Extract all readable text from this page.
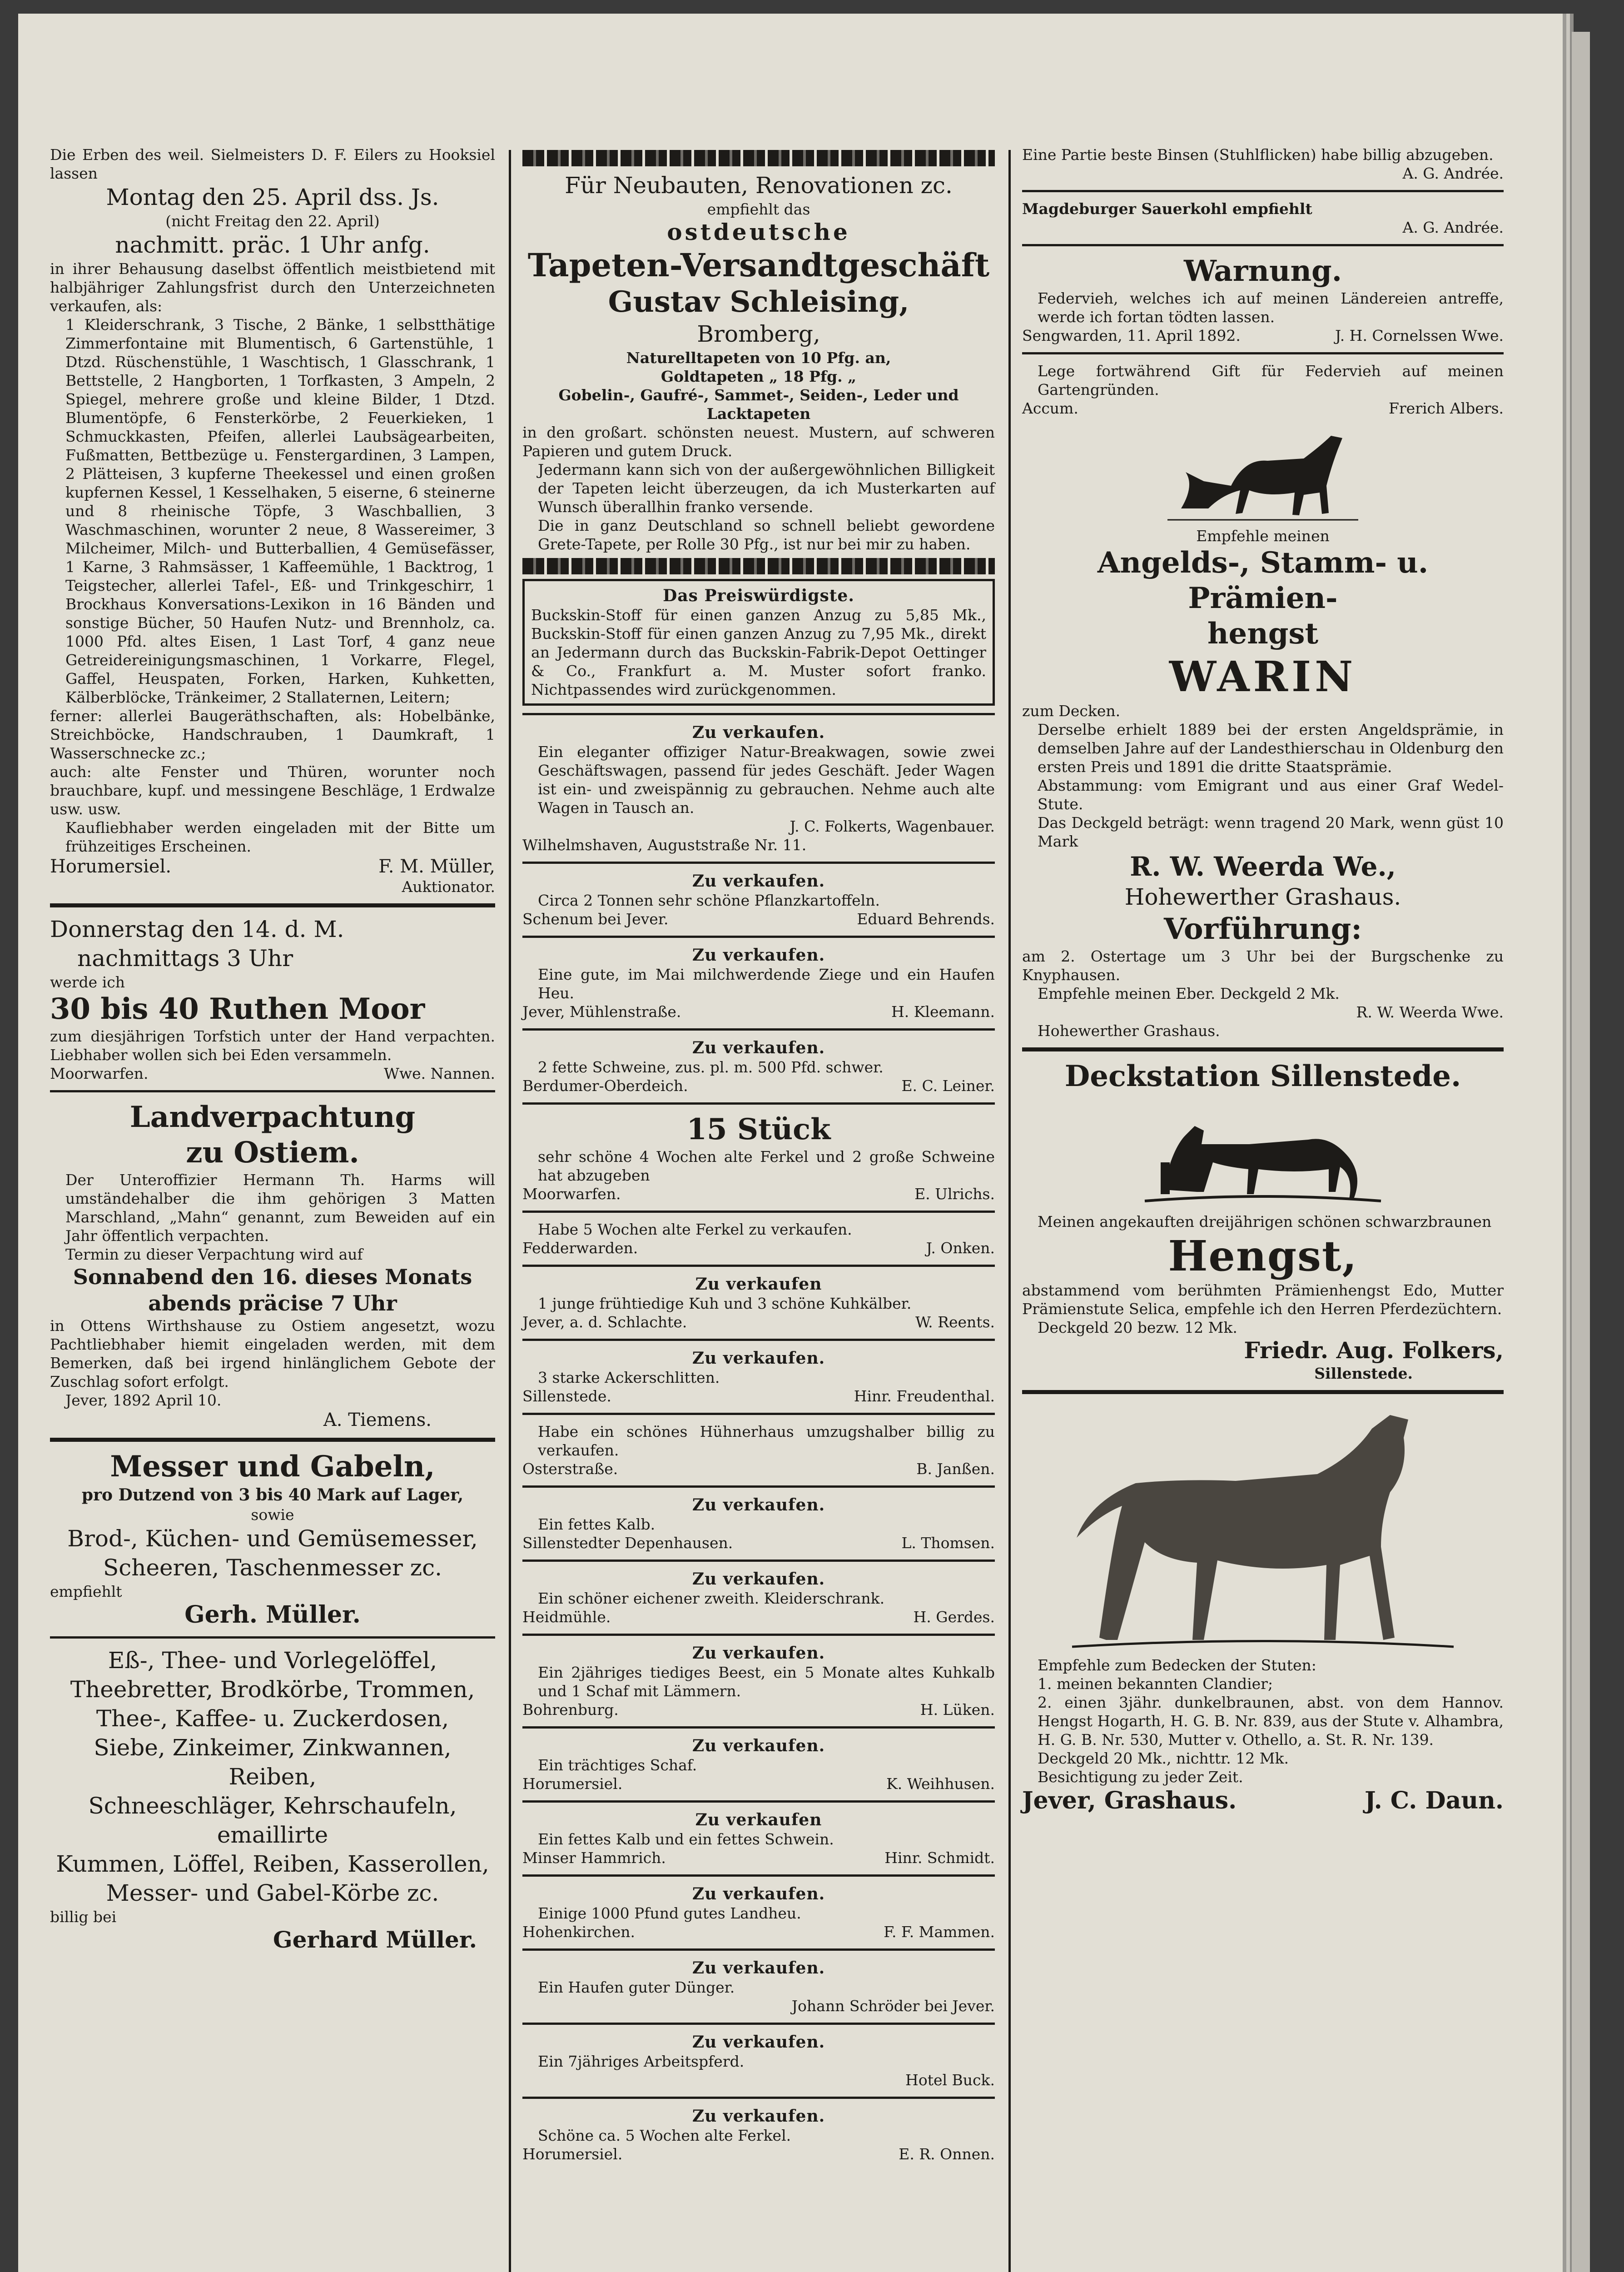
Die Erben des weil. Sielmeisters D. F. Eilers zu Hooksiel lassen
Montag den 25. April dss. Js.
(nicht Freitag den 22. April)
nachmitt. präc. 1 Uhr anfg.
in ihrer Behausung daselbst öffentlich meistbietend mit halbjähriger Zahlungsfrist durch den Unterzeichneten verkaufen, als:
1 Kleiderschrank, 3 Tische, 2 Bänke, 1 selbstthätige Zimmerfontaine mit Blumentisch, 6 Gartenstühle, 1 Dtzd. Rüschenstühle, 1 Waschtisch, 1 Glasschrank, 1 Bettstelle, 2 Hangborten, 1 Torfkasten, 3 Ampeln, 2 Spiegel, mehrere große und kleine Bilder, 1 Dtzd. Blumentöpfe, 6 Fensterkörbe, 2 Feuerkieken, 1 Schmuckkasten, Pfeifen, allerlei Laubsägearbeiten, Fußmatten, Bettbezüge u. Fenstergardinen, 3 Lampen, 2 Plätteisen, 3 kupferne Theekessel und einen großen kupfernen Kessel, 1 Kesselhaken, 5 eiserne, 6 steinerne und 8 rheinische Töpfe, 3 Waschballien, 3 Waschmaschinen, worunter 2 neue, 8 Wassereimer, 3 Milcheimer, Milch- und Butterballien, 4 Gemüsefässer, 1 Karne, 3 Rahmsässer, 1 Kaffeemühle, 1 Backtrog, 1 Teigstecher, allerlei Tafel-, Eß- und Trinkgeschirr, 1 Brockhaus Konversations-Lexikon in 16 Bänden und sonstige Bücher, 50 Haufen Nutz- und Brennholz, ca. 1000 Pfd. altes Eisen, 1 Last Torf, 4 ganz neue Getreidereinigungsmaschinen, 1 Vorkarre, Flegel, Gaffel, Heuspaten, Forken, Harken, Kuhketten, Kälberblöcke, Tränkeimer, 2 Stallaternen, Leitern;
ferner: allerlei Baugeräthschaften, als: Hobelbänke, Streichböcke, Handschrauben, 1 Daumkraft, 1 Wasserschnecke zc.;
auch: alte Fenster und Thüren, worunter noch brauchbare, kupf. und messingene Beschläge, 1 Erdwalze usw. usw.
Kaufliebhaber werden eingeladen mit der Bitte um frühzeitiges Erscheinen.
Horumersiel.	F. M. Müller,
Auktionator.
Donnerstag den 14. d. M.
nachmittags 3 Uhr
werde ich
30 bis 40 Ruthen Moor
zum diesjährigen Torfstich unter der Hand verpachten. Liebhaber wollen sich bei Eden versammeln.
Moorwarfen.	Wwe. Nannen.
Landverpachtung
zu Ostiem.
Der Unteroffizier Hermann Th. Harms will umständehalber die ihm gehörigen 3 Matten Marschland, „Mahn“ genannt, zum Beweiden auf ein Jahr öffentlich verpachten.
Termin zu dieser Verpachtung wird auf
Sonnabend den 16. dieses Monats
abends präcise 7 Uhr
in Ottens Wirthshause zu Ostiem angesetzt, wozu Pachtliebhaber hiemit eingeladen werden, mit dem Bemerken, daß bei irgend hinlänglichem Gebote der Zuschlag sofort erfolgt.
Jever, 1892 April 10.
A. Tiemens.
Messer und Gabeln,
pro Dutzend von 3 bis 40 Mark auf Lager,
sowie
Brod-, Küchen- und Gemüsemesser,
Scheeren, Taschenmesser zc.
empfiehlt
Gerh. Müller.
Eß-, Thee- und Vorlegelöffel,
Theebretter, Brodkörbe, Trommen,
Thee-, Kaffee- u. Zuckerdosen,
Siebe, Zinkeimer, Zinkwannen, Reiben,
Schneeschläger, Kehrschaufeln, emaillirte
Kummen, Löffel, Reiben, Kasserollen,
Messer- und Gabel-Körbe zc.
billig bei
Gerhard Müller.
Für Neubauten, Renovationen zc.
empfiehlt das
ostdeutsche
Tapeten-Versandtgeschäft
Gustav Schleising,
Bromberg,
Naturelltapeten von 10 Pfg. an,
Goldtapeten „ 18 Pfg. „
Gobelin-, Gaufré-, Sammet-, Seiden-, Leder und Lacktapeten
in den großart. schönsten neuest. Mustern, auf schweren Papieren und gutem Druck.
Jedermann kann sich von der außergewöhnlichen Billigkeit der Tapeten leicht überzeugen, da ich Musterkarten auf Wunsch überallhin franko versende.
Die in ganz Deutschland so schnell beliebt gewordene Grete-Tapete, per Rolle 30 Pfg., ist nur bei mir zu haben.
Das Preiswürdigste.
Buckskin-Stoff für einen ganzen Anzug zu 5,85 Mk., Buckskin-Stoff für einen ganzen Anzug zu 7,95 Mk., direkt an Jedermann durch das Buckskin-Fabrik-Depot Oettinger & Co., Frankfurt a. M. Muster sofort franko. Nichtpassendes wird zurückgenommen.
Zu verkaufen.
Ein eleganter offiziger Natur-Breakwagen, sowie zwei Geschäftswagen, passend für jedes Geschäft. Jeder Wagen ist ein- und zweispännig zu gebrauchen. Nehme auch alte Wagen in Tausch an.
J. C. Folkerts, Wagenbauer.
Wilhelmshaven, Auguststraße Nr. 11.
Zu verkaufen.
Circa 2 Tonnen sehr schöne Pflanzkartoffeln.
Schenum bei Jever.	Eduard Behrends.
Zu verkaufen.
Eine gute, im Mai milchwerdende Ziege und ein Haufen Heu.
Jever, Mühlenstraße.	H. Kleemann.
Zu verkaufen.
2 fette Schweine, zus. pl. m. 500 Pfd. schwer.
Berdumer-Oberdeich.	E. C. Leiner.
15 Stück
sehr schöne 4 Wochen alte Ferkel und 2 große Schweine hat abzugeben
Moorwarfen.	E. Ulrichs.
Habe 5 Wochen alte Ferkel zu verkaufen.
Fedderwarden.	J. Onken.
Zu verkaufen
1 junge frühtiedige Kuh und 3 schöne Kuhkälber.
Jever, a. d. Schlachte.	W. Reents.
Zu verkaufen.
3 starke Ackerschlitten.
Sillenstede.	Hinr. Freudenthal.
Habe ein schönes Hühnerhaus umzugshalber billig zu verkaufen.
Osterstraße.	B. Janßen.
Zu verkaufen.
Ein fettes Kalb.
Sillenstedter Depenhausen.	L. Thomsen.
Zu verkaufen.
Ein schöner eichener zweith. Kleiderschrank.
Heidmühle.	H. Gerdes.
Zu verkaufen.
Ein 2jähriges tiediges Beest, ein 5 Monate altes Kuhkalb und 1 Schaf mit Lämmern.
Bohrenburg.	H. Lüken.
Zu verkaufen.
Ein trächtiges Schaf.
Horumersiel.	K. Weihhusen.
Zu verkaufen
Ein fettes Kalb und ein fettes Schwein.
Minser Hammrich.	Hinr. Schmidt.
Zu verkaufen.
Einige 1000 Pfund gutes Landheu.
Hohenkirchen.	F. F. Mammen.
Zu verkaufen.
Ein Haufen guter Dünger.
Johann Schröder bei Jever.
Zu verkaufen.
Ein 7jähriges Arbeitspferd.
Hotel Buck.
Zu verkaufen.
Schöne ca. 5 Wochen alte Ferkel.
Horumersiel.	E. R. Onnen.
Eine Partie beste Binsen (Stuhlflicken) habe billig abzugeben.
A. G. Andrée.
Magdeburger Sauerkohl empfiehlt
A. G. Andrée.
Warnung.
Federvieh, welches ich auf meinen Ländereien antreffe, werde ich fortan tödten lassen.
Sengwarden, 11. April 1892.	J. H. Cornelssen Wwe.
Lege fortwährend Gift für Federvieh auf meinen Gartengründen.
Accum.	Frerich Albers.
Empfehle meinen
Angelds-, Stamm- u. Prämien-
hengst
WARIN
zum Decken.
Derselbe erhielt 1889 bei der ersten Angeldsprämie, in demselben Jahre auf der Landesthierschau in Oldenburg den ersten Preis und 1891 die dritte Staatsprämie.
Abstammung: vom Emigrant und aus einer Graf Wedel-Stute.
Das Deckgeld beträgt: wenn tragend 20 Mark, wenn güst 10 Mark
R. W. Weerda We.,
Hohewerther Grashaus.
Vorführung:
am 2. Ostertage um 3 Uhr bei der Burgschenke zu Knyphausen.
Empfehle meinen Eber. Deckgeld 2 Mk.
R. W. Weerda Wwe.
Hohewerther Grashaus.
Deckstation Sillenstede.
Meinen angekauften dreijährigen schönen schwarzbraunen
Hengst,
abstammend vom berühmten Prämienhengst Edo, Mutter Prämienstute Selica, empfehle ich den Herren Pferdezüchtern.
Deckgeld 20 bezw. 12 Mk.
Friedr. Aug. Folkers,
Sillenstede.
Empfehle zum Bedecken der Stuten:
1. meinen bekannten Clandier;
2. einen 3jähr. dunkelbraunen, abst. von dem Hannov. Hengst Hogarth, H. G. B. Nr. 839, aus der Stute v. Alhambra, H. G. B. Nr. 530, Mutter v. Othello, a. St. R. Nr. 139.
Deckgeld 20 Mk., nichttr. 12 Mk.
Besichtigung zu jeder Zeit.
Jever, Grashaus.	J. C. Daun.
